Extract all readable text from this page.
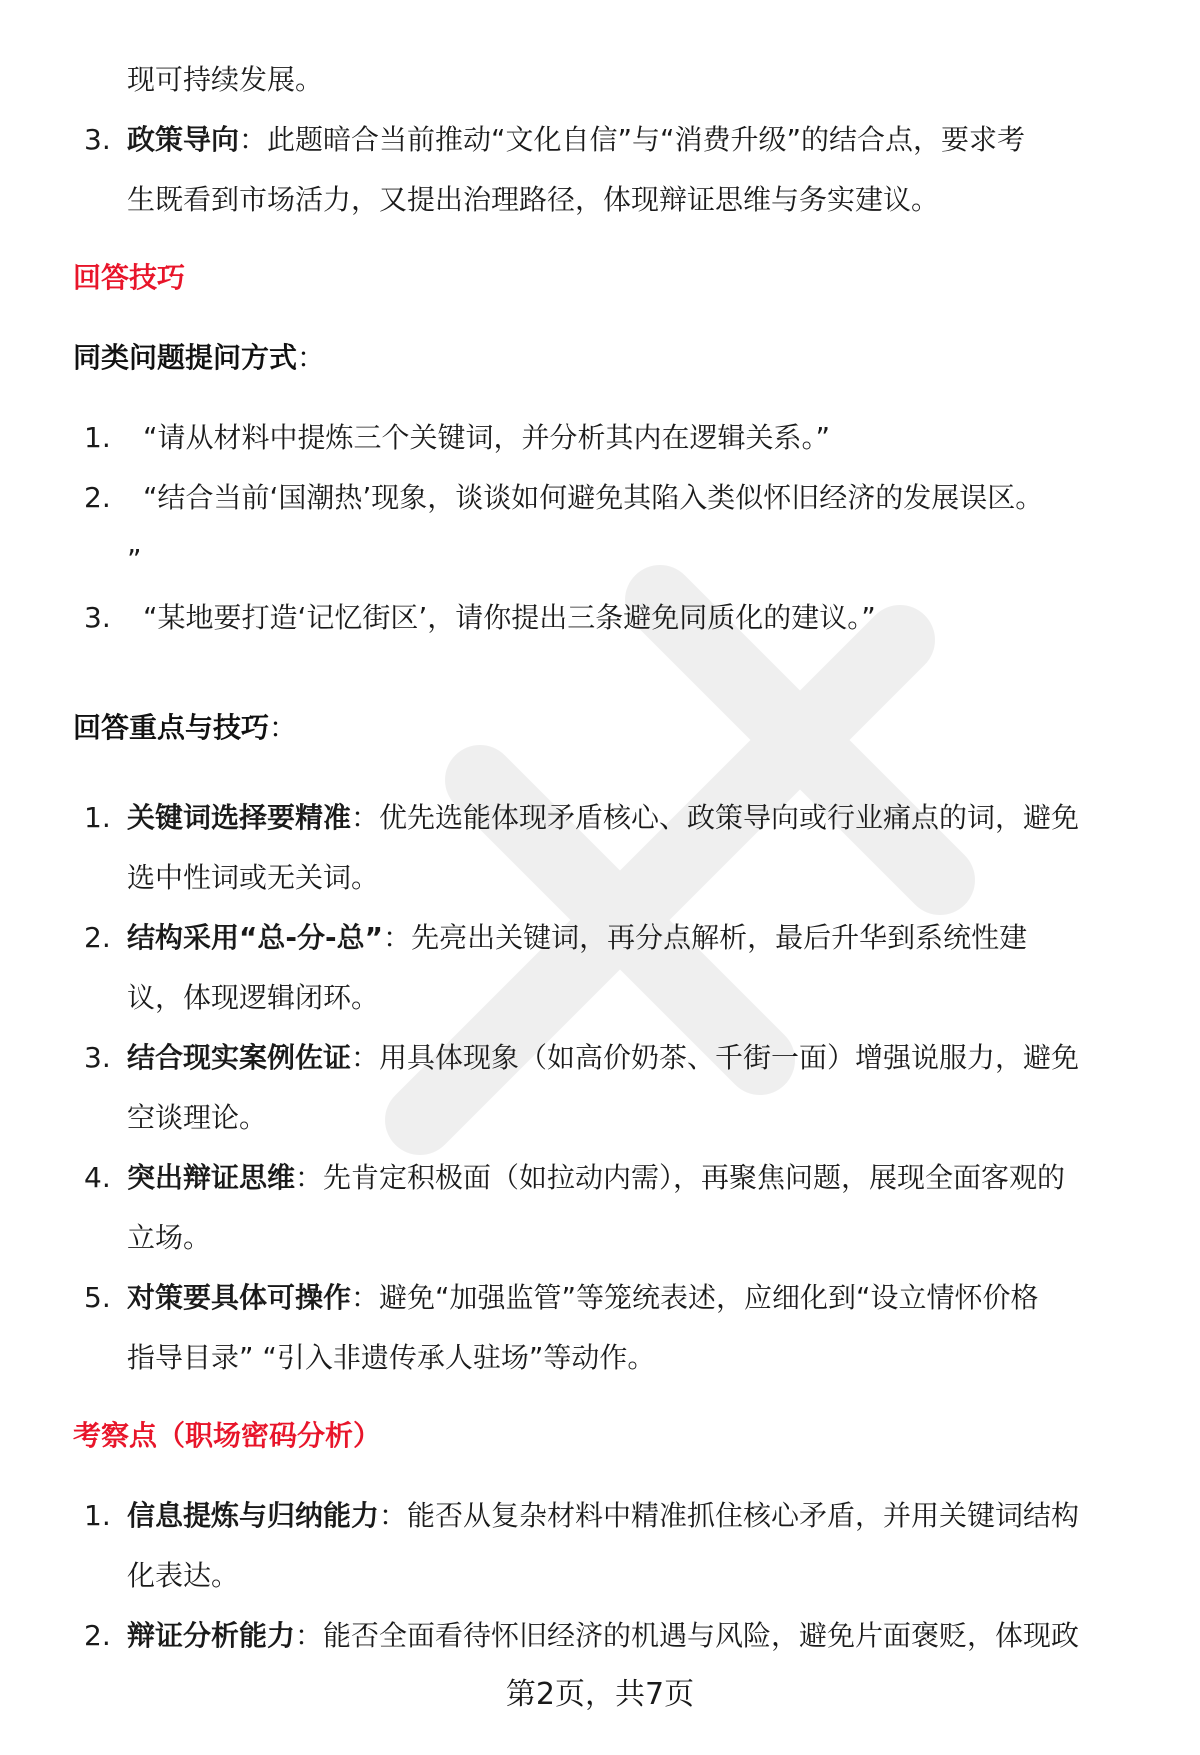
现可持续发展。
3. 政策导向：此题暗合当前推动“文化自信”与“消费升级”的结合点，要求考
生既看到市场活力，又提出治理路径，体现辩证思维与务实建议。
回答技巧
同类问题提问方式：
1. “请从材料中提炼三个关键词，并分析其内在逻辑关系。”
2. “结合当前‘国潮热’现象，谈谈如何避免其陷入类似怀旧经济的发展误区。
”
3. “某地要打造‘记忆街区’，请你提出三条避免同质化的建议。”
回答重点与技巧：
1. 关键词选择要精准：优先选能体现矛盾核心、政策导向或行业痛点的词，避免
选中性词或无关词。
2. 结构采用“总-分-总”：先亮出关键词，再分点解析，最后升华到系统性建
议，体现逻辑闭环。
3. 结合现实案例佐证：用具体现象（如高价奶茶、千街一面）增强说服力，避免
空谈理论。
4. 突出辩证思维：先肯定积极面（如拉动内需），再聚焦问题，展现全面客观的
立场。
5. 对策要具体可操作：避免“加强监管”等笼统表述，应细化到“设立情怀价格
指导目录” “引入非遗传承人驻场”等动作。
考察点（职场密码分析）
1. 信息提炼与归纳能力：能否从复杂材料中精准抓住核心矛盾，并用关键词结构
化表达。
2. 辩证分析能力：能否全面看待怀旧经济的机遇与风险，避免片面褒贬，体现政
第2页，共7页
